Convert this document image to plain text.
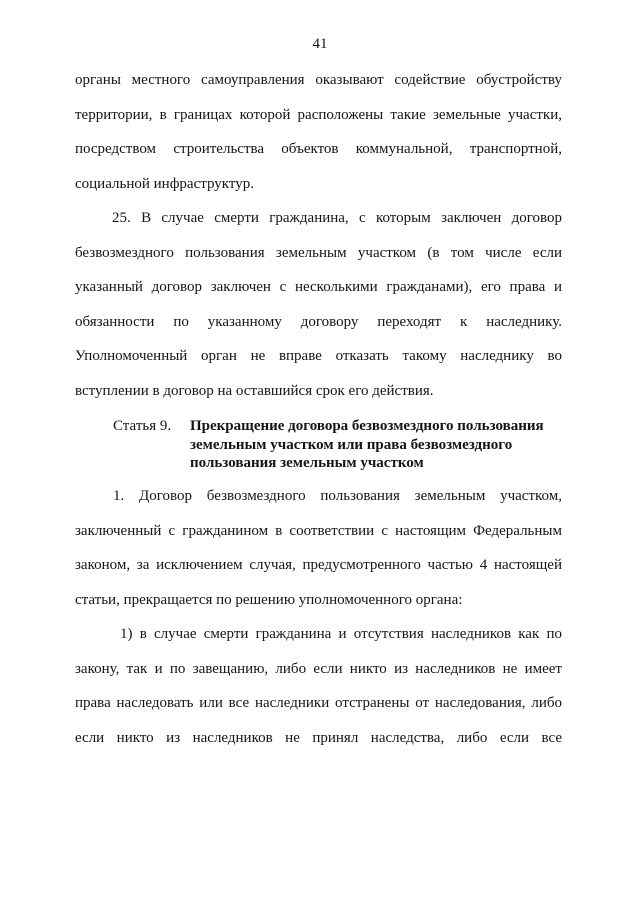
41
органы местного самоуправления оказывают содействие обустройству
территории, в границах которой расположены такие земельные участки,
посредством строительства объектов коммунальной, транспортной,
социальной инфраструктур.
25. В случае смерти гражданина, с которым заключен договор
безвозмездного пользования земельным участком (в том числе если
указанный договор заключен с несколькими гражданами), его права и
обязанности по указанному договору переходят к наследнику.
Уполномоченный орган не вправе отказать такому наследнику во
вступлении в договор на оставшийся срок его действия.
Статья 9. Прекращение договора безвозмездного пользования
земельным участком или права безвозмездного
пользования земельным участком
1. Договор безвозмездного пользования земельным участком,
заключенный с гражданином в соответствии с настоящим Федеральным
законом, за исключением случая, предусмотренного частью 4 настоящей
статьи, прекращается по решению уполномоченного органа:
1) в случае смерти гражданина и отсутствия наследников как по
закону, так и по завещанию, либо если никто из наследников не имеет
права наследовать или все наследники отстранены от наследования, либо
если никто из наследников не принял наследства, либо если все
